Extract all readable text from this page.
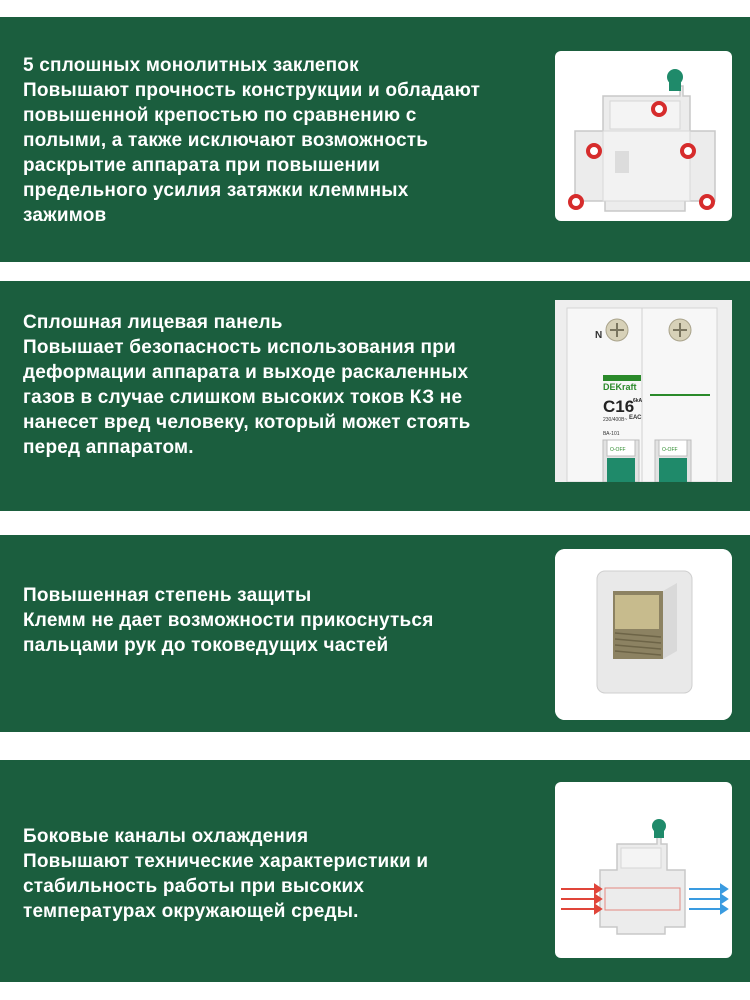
5 сплошных монолитных заклепок
Повышают прочность конструкции и обладают
повышенной крепостью по сравнению с
полыми, а также исключают возможность
раскрытие аппарата при повышении
предельного усилия затяжки клеммных
зажимов
Сплошная лицевая панель
Повышает безопасность использования при
деформации аппарата и выходе раскаленных
газов в случае слишком высоких токов КЗ не
нанесет вред человеку, который может стоять
перед аппаратом.
N
DEKraft
C16
6kA
230/400B~ ЕАС
ВА-101
O-OFF	O-OFF
Повышенная степень защиты
Клемм не дает возможности прикоснуться
пальцами рук до токоведущих частей
Боковые каналы охлаждения
Повышают технические характеристики и
стабильность работы при высоких
температурах окружающей среды.
